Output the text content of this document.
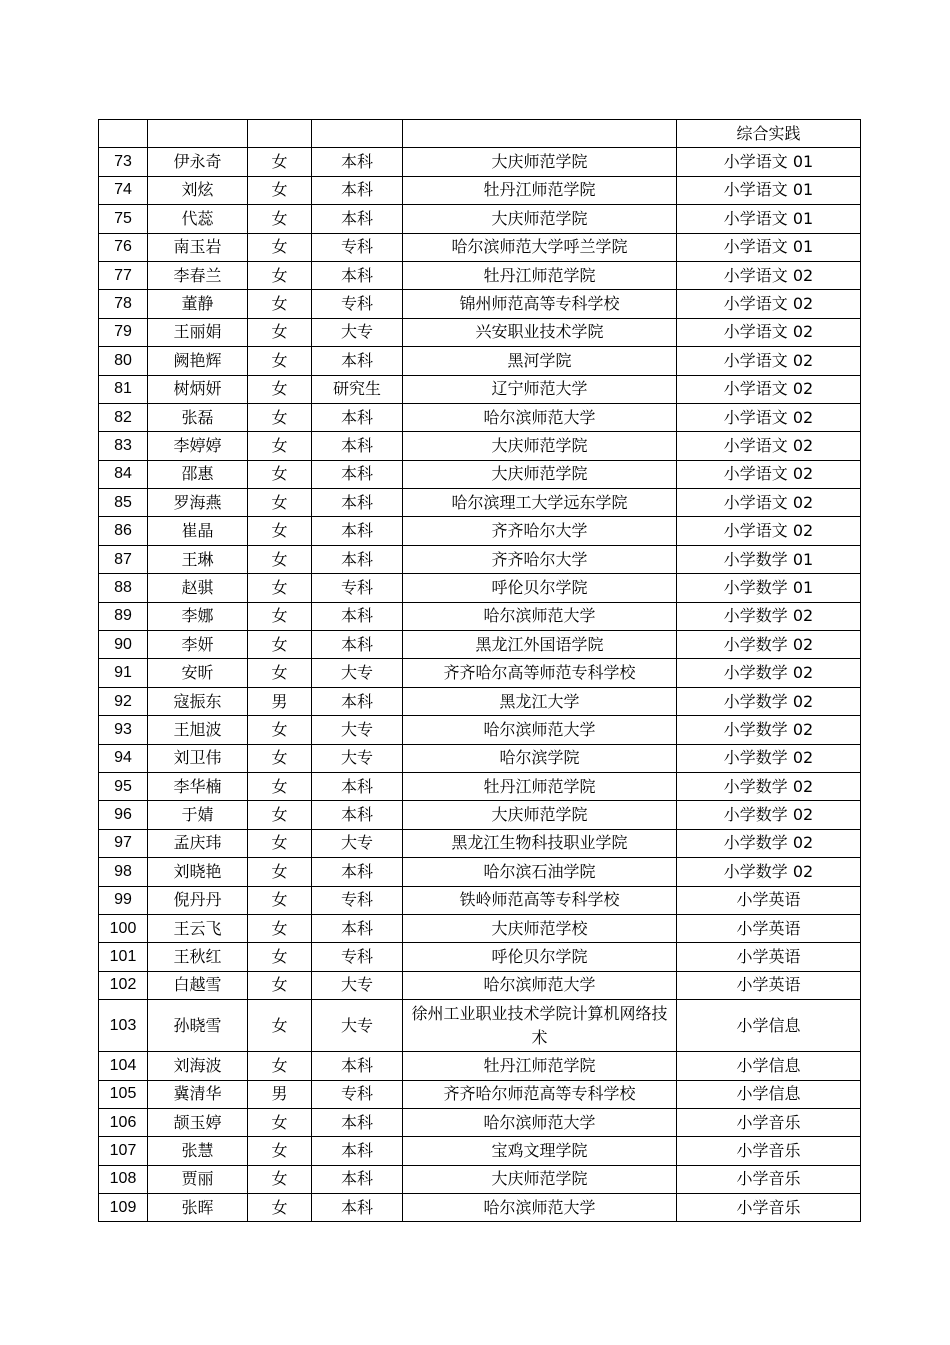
					综合实践
73	伊永奇	女	本科	大庆师范学院	小学语文 01
74	刘炫	女	本科	牡丹江师范学院	小学语文 01
75	代蕊	女	本科	大庆师范学院	小学语文 01
76	南玉岩	女	专科	哈尔滨师范大学呼兰学院	小学语文 01
77	李春兰	女	本科	牡丹江师范学院	小学语文 02
78	董静	女	专科	锦州师范高等专科学校	小学语文 02
79	王丽娟	女	大专	兴安职业技术学院	小学语文 02
80	阙艳辉	女	本科	黑河学院	小学语文 02
81	树炳妍	女	研究生	辽宁师范大学	小学语文 02
82	张磊	女	本科	哈尔滨师范大学	小学语文 02
83	李婷婷	女	本科	大庆师范学院	小学语文 02
84	邵惠	女	本科	大庆师范学院	小学语文 02
85	罗海燕	女	本科	哈尔滨理工大学远东学院	小学语文 02
86	崔晶	女	本科	齐齐哈尔大学	小学语文 02
87	王琳	女	本科	齐齐哈尔大学	小学数学 01
88	赵骐	女	专科	呼伦贝尔学院	小学数学 01
89	李娜	女	本科	哈尔滨师范大学	小学数学 02
90	李妍	女	本科	黑龙江外国语学院	小学数学 02
91	安昕	女	大专	齐齐哈尔高等师范专科学校	小学数学 02
92	寇振东	男	本科	黑龙江大学	小学数学 02
93	王旭波	女	大专	哈尔滨师范大学	小学数学 02
94	刘卫伟	女	大专	哈尔滨学院	小学数学 02
95	李华楠	女	本科	牡丹江师范学院	小学数学 02
96	于婧	女	本科	大庆师范学院	小学数学 02
97	孟庆玮	女	大专	黑龙江生物科技职业学院	小学数学 02
98	刘晓艳	女	本科	哈尔滨石油学院	小学数学 02
99	倪丹丹	女	专科	铁岭师范高等专科学校	小学英语
100	王云飞	女	本科	大庆师范学校	小学英语
101	王秋红	女	专科	呼伦贝尔学院	小学英语
102	白越雪	女	大专	哈尔滨师范大学	小学英语
103	孙晓雪	女	大专	徐州工业职业技术学院计算机网络技术	小学信息
104	刘海波	女	本科	牡丹江师范学院	小学信息
105	冀清华	男	专科	齐齐哈尔师范高等专科学校	小学信息
106	颉玉婷	女	本科	哈尔滨师范大学	小学音乐
107	张慧	女	本科	宝鸡文理学院	小学音乐
108	贾丽	女	本科	大庆师范学院	小学音乐
109	张晖	女	本科	哈尔滨师范大学	小学音乐
